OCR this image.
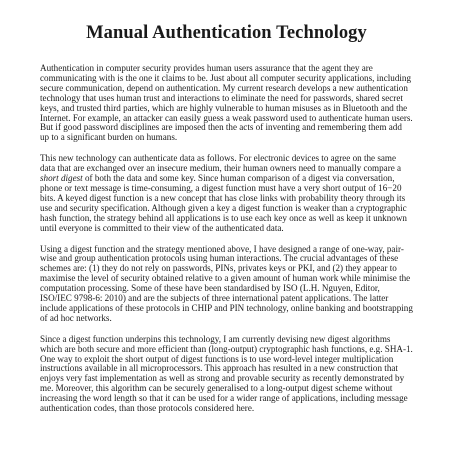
Manual Authentication Technology

Authentication in computer security provides human users assurance that the agent they are communicating with is the one it claims to be. Just about all computer security applications, including secure communication, depend on authentication. My current research develops a new authentication technology that uses human trust and interactions to eliminate the need for passwords, shared secret keys, and trusted third parties, which are highly vulnerable to human misuses as in Bluetooth and the Internet. For example, an attacker can easily guess a weak password used to authenticate human users. But if good password disciplines are imposed then the acts of inventing and remembering them add up to a significant burden on humans.

This new technology can authenticate data as follows. For electronic devices to agree on the same data that are exchanged over an insecure medium, their human owners need to manually compare a short digest of both the data and some key. Since human comparison of a digest via conversation, phone or text message is time-consuming, a digest function must have a very short output of 16−20 bits. A keyed digest function is a new concept that has close links with probability theory through its use and security specification. Although given a key a digest function is weaker than a cryptographic hash function, the strategy behind all applications is to use each key once as well as keep it unknown until everyone is committed to their view of the authenticated data.

Using a digest function and the strategy mentioned above, I have designed a range of one-way, pair-wise and group authentication protocols using human interactions. The crucial advantages of these schemes are: (1) they do not rely on passwords, PINs, privates keys or PKI, and (2) they appear to maximise the level of security obtained relative to a given amount of human work while minimise the computation processing. Some of these have been standardised by ISO (L.H. Nguyen, Editor, ISO/IEC 9798-6: 2010) and are the subjects of three international patent applications. The latter include applications of these protocols in CHIP and PIN technology, online banking and bootstrapping of ad hoc networks.

Since a digest function underpins this technology, I am currently devising new digest algorithms which are both secure and more efficient than (long-output) cryptographic hash functions, e.g. SHA-1. One way to exploit the short output of digest functions is to use word-level integer multiplication instructions available in all microprocessors. This approach has resulted in a new construction that enjoys very fast implementation as well as strong and provable security as recently demonstrated by me. Moreover, this algorithm can be securely generalised to a long-output digest scheme without increasing the word length so that it can be used for a wider range of applications, including message authentication codes, than those protocols considered here.
